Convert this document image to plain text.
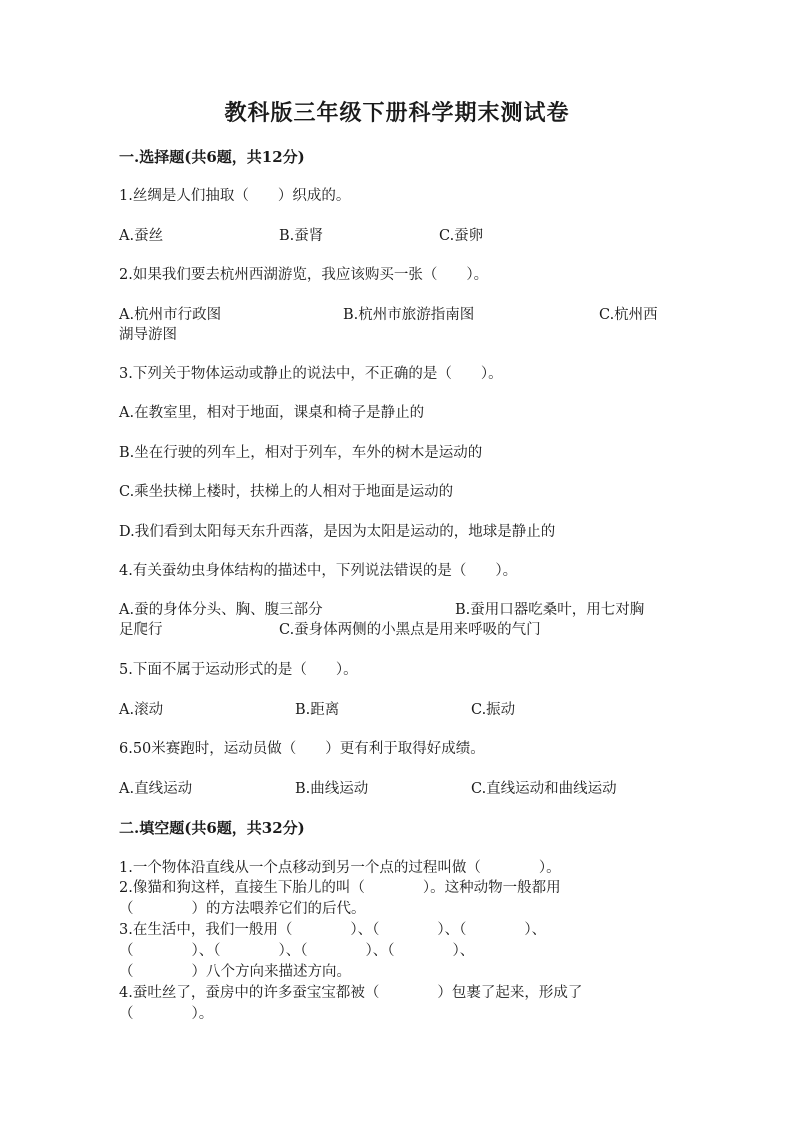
教科版三年级下册科学期末测试卷
一.选择题(共6题，共12分)
1.丝绸是人们抽取（　　）织成的。
A.蚕丝	B.蚕肾	C.蚕卵
2.如果我们要去杭州西湖游览，我应该购买一张（　　）。
A.杭州市行政图	B.杭州市旅游指南图	C.杭州西
湖导游图
3.下列关于物体运动或静止的说法中，不正确的是（　　）。
A.在教室里，相对于地面，课桌和椅子是静止的
B.坐在行驶的列车上，相对于列车，车外的树木是运动的
C.乘坐扶梯上楼时，扶梯上的人相对于地面是运动的
D.我们看到太阳每天东升西落，是因为太阳是运动的，地球是静止的
4.有关蚕幼虫身体结构的描述中，下列说法错误的是（　　）。
A.蚕的身体分头、胸、腹三部分	B.蚕用口器吃桑叶，用七对胸
足爬行	C.蚕身体两侧的小黑点是用来呼吸的气门
5.下面不属于运动形式的是（　　）。
A.滚动	B.距离	C.振动
6.50米赛跑时，运动员做（　　）更有利于取得好成绩。
A.直线运动	B.曲线运动	C.直线运动和曲线运动
二.填空题(共6题，共32分)
1.一个物体沿直线从一个点移动到另一个点的过程叫做（　　　　）。
2.像猫和狗这样，直接生下胎儿的叫（　　　　）。这种动物一般都用
（　　　　）的方法喂养它们的后代。
3.在生活中，我们一般用（　　　　）、（　　　　）、（　　　　）、
（　　　　）、（　　　　）、（　　　　）、（　　　　）、
（　　　　）八个方向来描述方向。
4.蚕吐丝了，蚕房中的许多蚕宝宝都被（　　　　）包裹了起来，形成了
（　　　　）。
